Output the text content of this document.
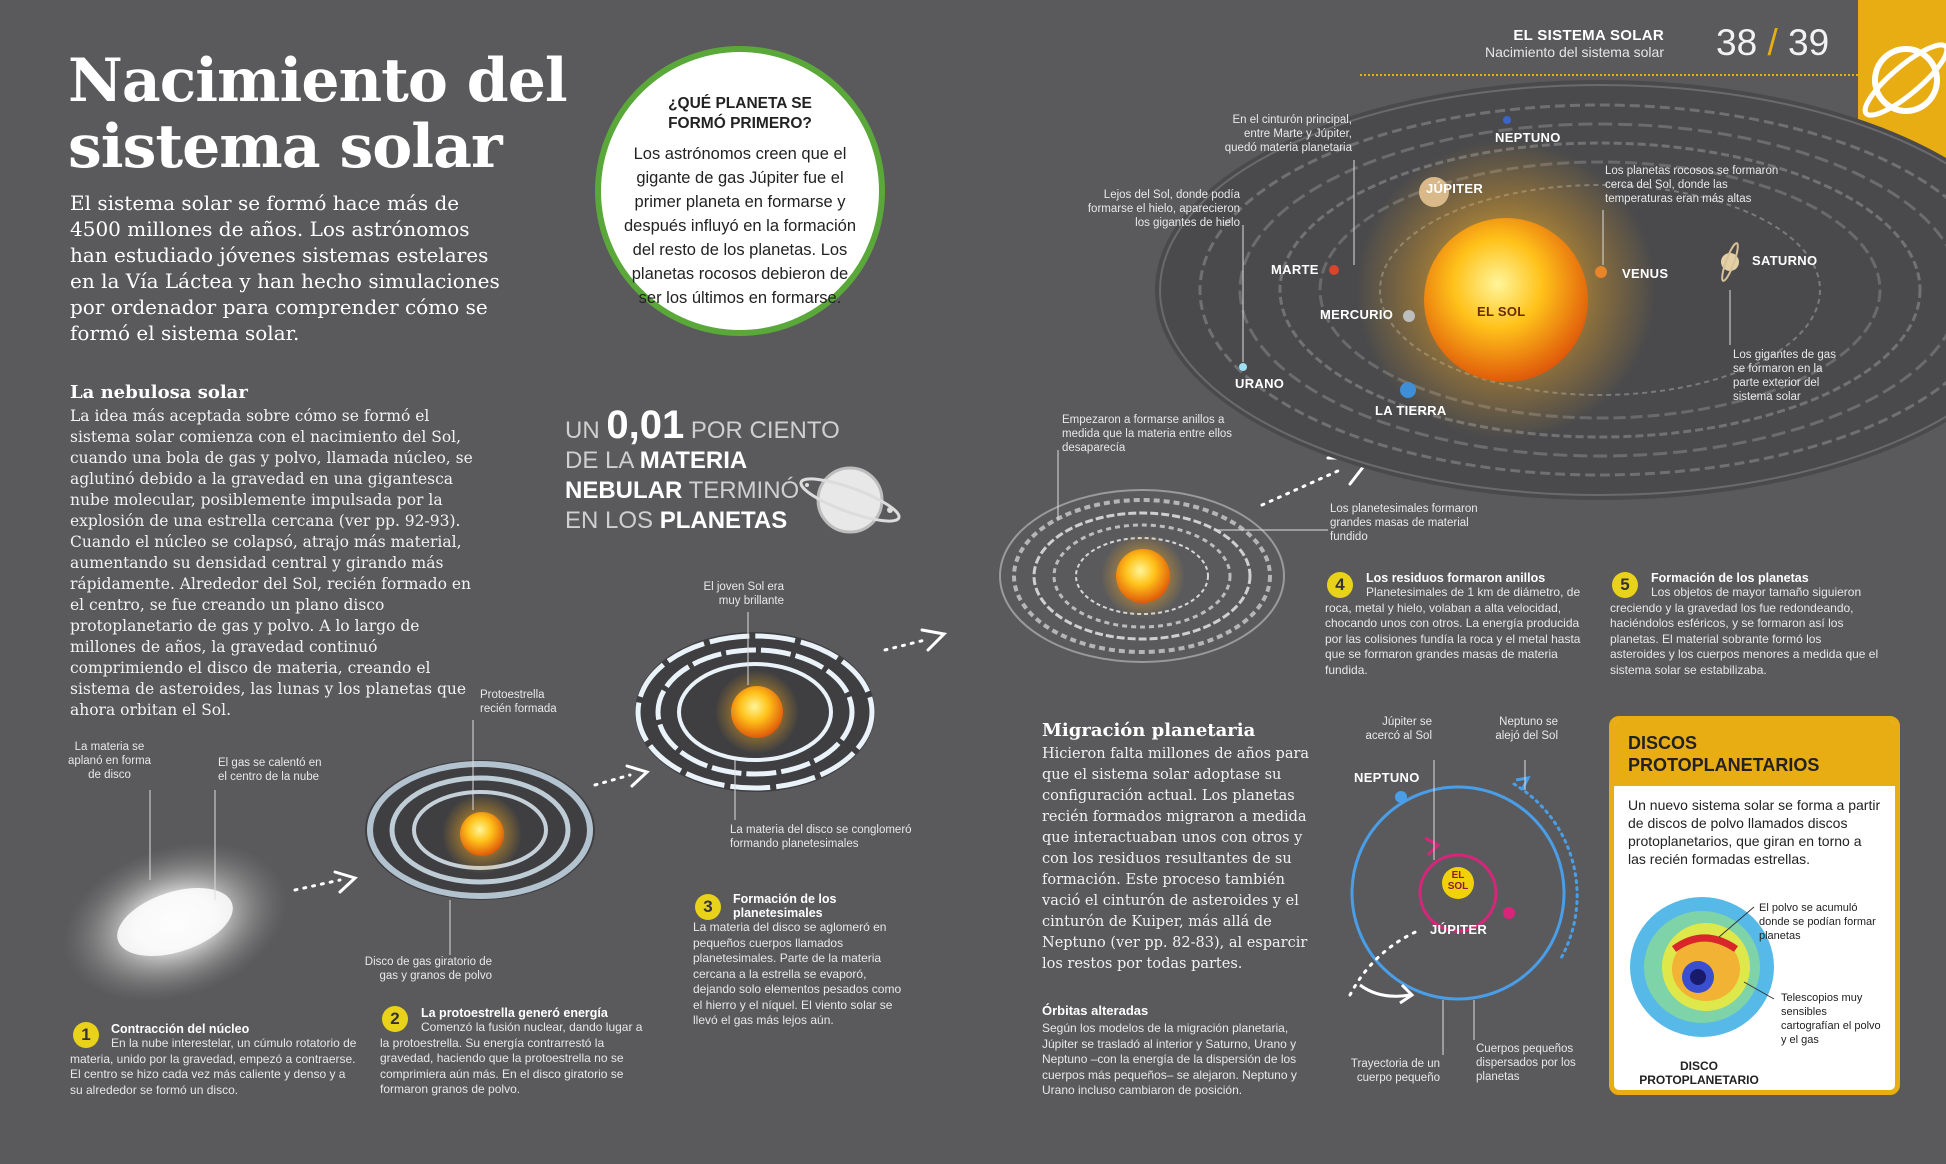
EL SISTEMA SOLAR
Nacimiento del sistema solar 38 / 39
Nacimiento del
sistema solar
El sistema solar se formó hace más de 4500 millones de años. Los astrónomos han estudiado jóvenes sistemas estelares en la Vía Láctea y han hecho simulaciones por ordenador para comprender cómo se formó el sistema solar.
La nebulosa solar
La idea más aceptada sobre cómo se formó el sistema solar comienza con el nacimiento del Sol, cuando una bola de gas y polvo, llamada núcleo, se aglutinó debido a la gravedad en una gigantesca nube molecular, posiblemente impulsada por la explosión de una estrella cercana (ver pp. 92-93). Cuando el núcleo se colapsó, atrajo más material, aumentando su densidad central y girando más rápidamente. Alrededor del Sol, recién formado en el centro, se fue creando un plano disco protoplanetario de gas y polvo. A lo largo de millones de años, la gravedad continuó comprimiendo el disco de materia, creando el sistema de asteroides, las lunas y los planetas que ahora orbitan el Sol.
¿QUÉ PLANETA SE FORMÓ PRIMERO?
Los astrónomos creen que el gigante de gas Júpiter fue el primer planeta en formarse y después influyó en la formación del resto de los planetas. Los planetas rocosos debieron de ser los últimos en formarse.
UN 0,01 POR CIENTO
DE LA MATERIA
NEBULAR TERMINÓ
EN LOS PLANETAS
La materia se aplanó en forma de disco
El gas se calentó en el centro de la nube
1	Contracción del núcleo
En la nube interestelar, un cúmulo rotatorio de materia, unido por la gravedad, empezó a contraerse. El centro se hizo cada vez más caliente y denso y a su alrededor se formó un disco.
Protoestrella recién formada
Disco de gas giratorio de gas y granos de polvo
2	La protoestrella generó energía
Comenzó la fusión nuclear, dando lugar a la protoestrella. Su energía contrarrestó la gravedad, haciendo que la protoestrella no se comprimiera aún más. En el disco giratorio se formaron granos de polvo.
El joven Sol era muy brillante
La materia del disco se conglomeró formando planetesimales
3	Formación de los planetesimales
La materia del disco se aglomeró en pequeños cuerpos llamados planetesimales. Parte de la materia cercana a la estrella se evaporó, dejando solo elementos pesados como el hierro y el níquel. El viento solar se llevó el gas más lejos aún.
Empezaron a formarse anillos a medida que la materia entre ellos desaparecía
Los planetesimales formaron grandes masas de material fundido
4	Los residuos formaron anillos
Planetesimales de 1 km de diámetro, de roca, metal y hielo, volaban a alta velocidad, chocando unos con otros. La energía producida por las colisiones fundía la roca y el metal hasta que se formaron grandes masas de materia fundida.
5	Formación de los planetas
Los objetos de mayor tamaño siguieron creciendo y la gravedad los fue redondeando, haciéndolos esféricos, y se formaron así los planetas. El material sobrante formó los asteroides y los cuerpos menores a medida que el sistema solar se estabilizaba.
En el cinturón principal, entre Marte y Júpiter, quedó materia planetaria
Lejos del Sol, donde podía formarse el hielo, aparecieron los gigantes de hielo
Los planetas rocosos se formaron cerca del Sol, donde las temperaturas eran más altas
Los gigantes de gas se formaron en la parte exterior del sistema solar
EL SOL
NEPTUNO
JÚPITER
MARTE	VENUS
SATURNO
MERCURIO
URANO
LA TIERRA
Migración planetaria
Hicieron falta millones de años para que el sistema solar adoptase su configuración actual. Los planetas recién formados migraron a medida que interactuaban unos con otros y con los residuos resultantes de su formación. Este proceso también vació el cinturón de asteroides y el cinturón de Kuiper, más allá de Neptuno (ver pp. 82-83), al esparcir los restos por todas partes.
Órbitas alteradas
Según los modelos de la migración planetaria, Júpiter se trasladó al interior y Saturno, Urano y Neptuno –con la energía de la dispersión de los cuerpos más pequeños– se alejaron. Neptuno y Urano incluso cambiaron de posición.
Júpiter se acercó al Sol
Neptuno se alejó del Sol
NEPTUNO
JÚPITER
EL
SOL
Trayectoria de un cuerpo pequeño
Cuerpos pequeños dispersados por los planetas
DISCOS PROTOPLANETARIOS
Un nuevo sistema solar se forma a partir de discos de polvo llamados discos protoplanetarios, que giran en torno a las recién formadas estrellas.
El polvo se acumuló donde se podían formar planetas
Telescopios muy sensibles cartografían el polvo y el gas
DISCO PROTOPLANETARIO
